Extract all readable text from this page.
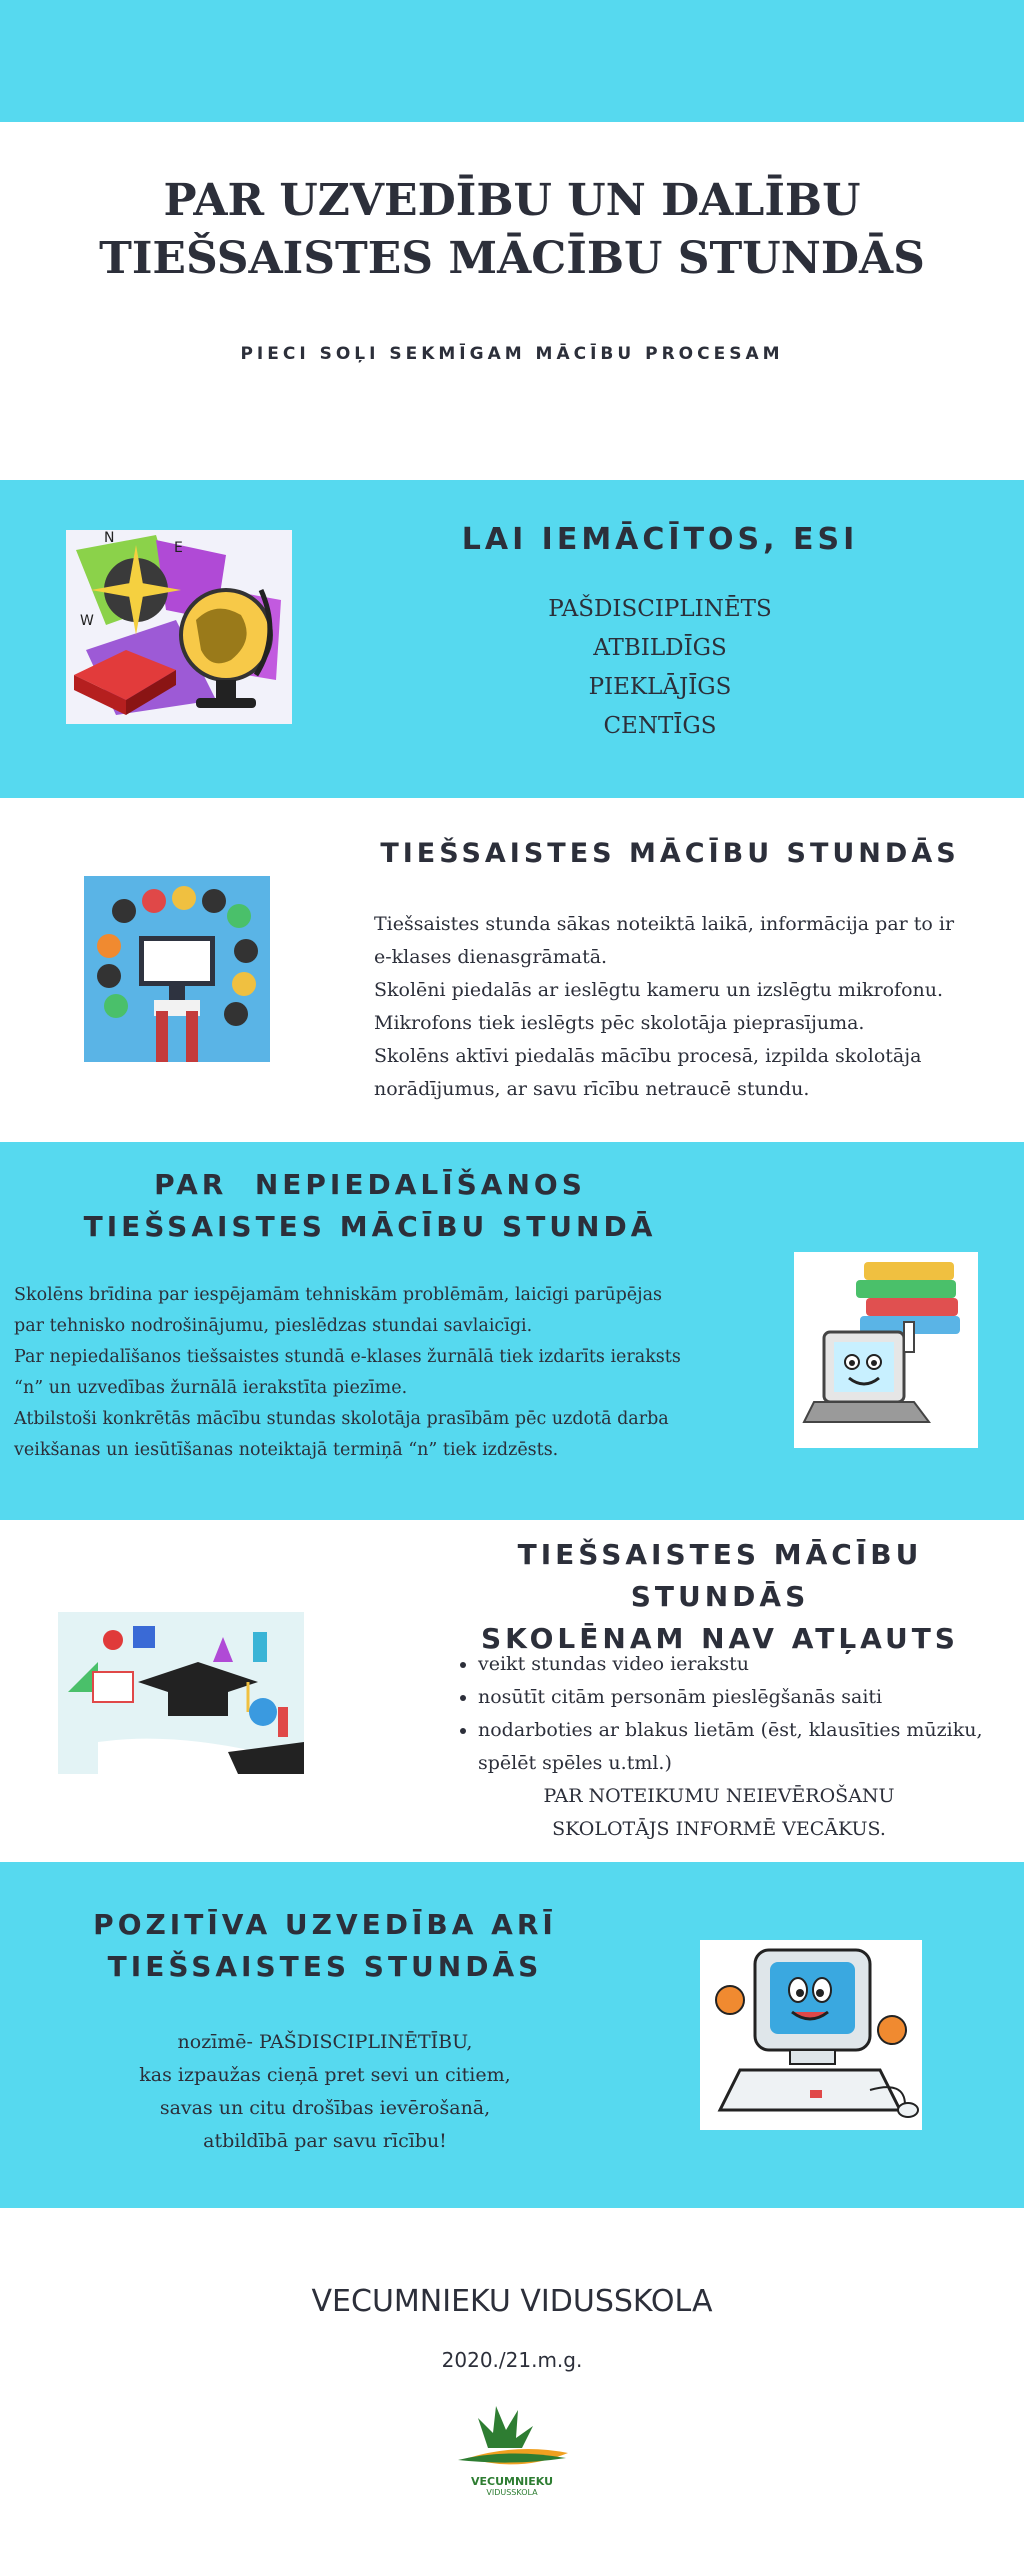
PAR UZVEDĪBU UN DALĪBU
TIEŠSAISTES MĀCĪBU STUNDĀS
PIECI SOĻI SEKMĪGAM MĀCĪBU PROCESAM
N
E
W
LAI IEMĀCĪTOS, ESI
PAŠDISCIPLINĒTS
ATBILDĪGS
PIEKLĀJĪGS
CENTĪGS
TIEŠSAISTES MĀCĪBU STUNDĀS
Tiešsaistes stunda sākas noteiktā laikā, informācija par to ir
e-klases dienasgrāmatā.
Skolēni piedalās ar ieslēgtu kameru un izslēgtu mikrofonu.
Mikrofons tiek ieslēgts pēc skolotāja pieprasījuma.
Skolēns aktīvi piedalās mācību procesā, izpilda skolotāja
norādījumus, ar savu rīcību netraucē stundu.
PAR  NEPIEDALĪŠANOS
TIEŠSAISTES MĀCĪBU STUNDĀ
Skolēns brīdina par iespējamām tehniskām problēmām, laicīgi parūpējas
par tehnisko nodrošinājumu, pieslēdzas stundai savlaicīgi.
Par nepiedalīšanos tiešsaistes stundā e-klases žurnālā tiek izdarīts ieraksts
“n” un uzvedības žurnālā ierakstīta piezīme.
Atbilstoši konkrētās mācību stundas skolotāja prasībām pēc uzdotā darba
veikšanas un iesūtīšanas noteiktajā termiņā “n” tiek izdzēsts.
TIEŠSAISTES MĀCĪBU STUNDĀS
SKOLĒNAM NAV ATĻAUTS
• veikt stundas video ierakstu
• nosūtīt citām personām pieslēgšanās saiti
• nodarboties ar blakus lietām (ēst, klausīties mūziku,
spēlēt spēles u.tml.)
PAR NOTEIKUMU NEIEVĒROŠANU
SKOLOTĀJS INFORMĒ VECĀKUS.
POZITĪVA UZVEDĪBA ARĪ
TIEŠSAISTES STUNDĀS
nozīmē- PAŠDISCIPLINĒTĪBU,
kas izpaužas cieņā pret sevi un citiem,
savas un citu drošības ievērošanā,
atbildībā par savu rīcību!
VECUMNIEKU VIDUSSKOLA
2020./21.m.g.
VECUMNIEKU
VIDUSSKOLA
